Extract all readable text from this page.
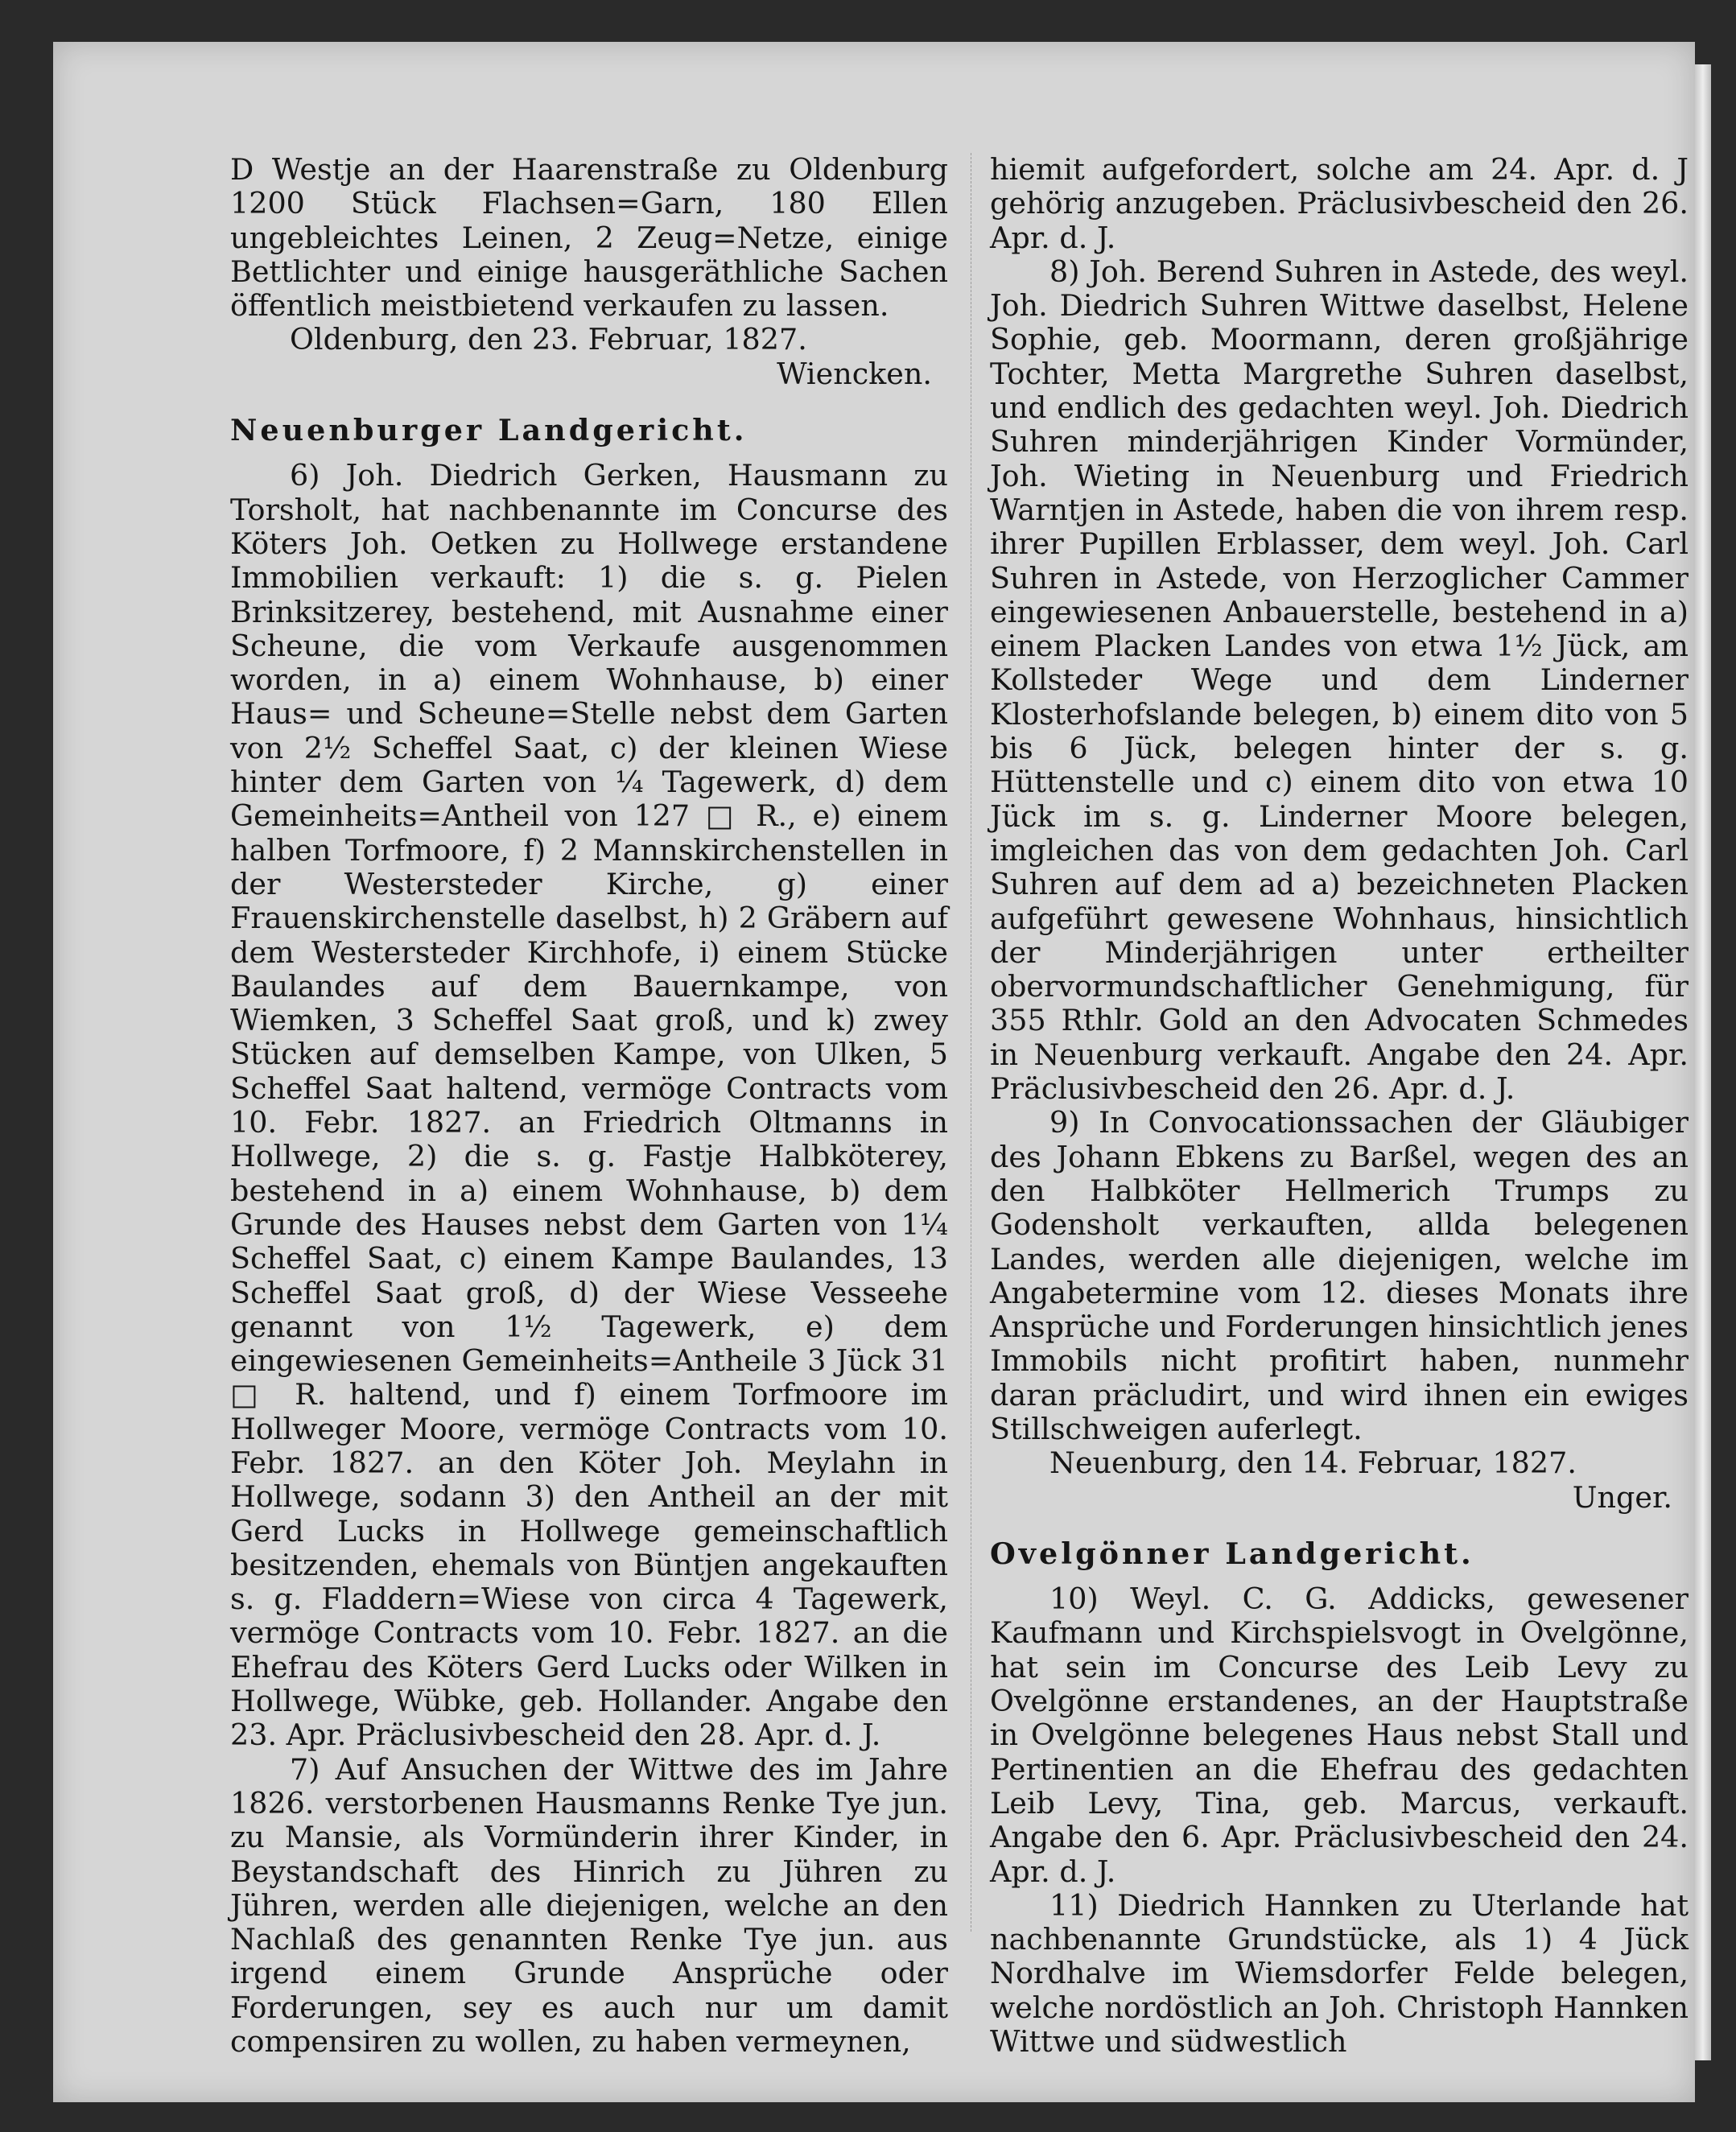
D Westje an der Haarenstraße zu Oldenburg 1200 Stück Flachsen=Garn, 180 Ellen ungebleichtes Leinen, 2 Zeug=Netze, einige Bettlichter und einige hausgeräthliche Sachen öffentlich meistbietend verkaufen zu lassen.

Oldenburg, den 23. Februar, 1827.

Wiencken.

Neuenburger Landgericht.

6) Joh. Diedrich Gerken, Hausmann zu Torsholt, hat nachbenannte im Concurse des Köters Joh. Oetken zu Hollwege erstandene Immobilien verkauft: 1) die s. g. Pielen Brinksitzerey, bestehend, mit Ausnahme einer Scheune, die vom Verkaufe ausgenommen worden, in a) einem Wohnhause, b) einer Haus= und Scheune=Stelle nebst dem Garten von 2½ Scheffel Saat, c) der kleinen Wiese hinter dem Garten von ¼ Tagewerk, d) dem Gemeinheits=Antheil von 127 □ R., e) einem halben Torfmoore, f) 2 Mannskirchenstellen in der Westersteder Kirche, g) einer Frauenskirchenstelle daselbst, h) 2 Gräbern auf dem Westersteder Kirchhofe, i) einem Stücke Baulandes auf dem Bauernkampe, von Wiemken, 3 Scheffel Saat groß, und k) zwey Stücken auf demselben Kampe, von Ulken, 5 Scheffel Saat haltend, vermöge Contracts vom 10. Febr. 1827. an Friedrich Oltmanns in Hollwege, 2) die s. g. Fastje Halbköterey, bestehend in a) einem Wohnhause, b) dem Grunde des Hauses nebst dem Garten von 1¼ Scheffel Saat, c) einem Kampe Baulandes, 13 Scheffel Saat groß, d) der Wiese Vesseehe genannt von 1½ Tagewerk, e) dem eingewiesenen Gemeinheits=Antheile 3 Jück 31 □ R. haltend, und f) einem Torfmoore im Hollweger Moore, vermöge Contracts vom 10. Febr. 1827. an den Köter Joh. Meylahn in Hollwege, sodann 3) den Antheil an der mit Gerd Lucks in Hollwege gemeinschaftlich besitzenden, ehemals von Büntjen angekauften s. g. Fladdern=Wiese von circa 4 Tagewerk, vermöge Contracts vom 10. Febr. 1827. an die Ehefrau des Köters Gerd Lucks oder Wilken in Hollwege, Wübke, geb. Hollander. Angabe den 23. Apr. Präclusivbescheid den 28. Apr. d. J.

7) Auf Ansuchen der Wittwe des im Jahre 1826. verstorbenen Hausmanns Renke Tye jun. zu Mansie, als Vormünderin ihrer Kinder, in Beystandschaft des Hinrich zu Jühren zu Jühren, werden alle diejenigen, welche an den Nachlaß des genannten Renke Tye jun. aus irgend einem Grunde Ansprüche oder Forderungen, sey es auch nur um damit compensiren zu wollen, zu haben vermeynen,

hiemit aufgefordert, solche am 24. Apr. d. J gehörig anzugeben. Präclusivbescheid den 26. Apr. d. J.

8) Joh. Berend Suhren in Astede, des weyl. Joh. Diedrich Suhren Wittwe daselbst, Helene Sophie, geb. Moormann, deren großjährige Tochter, Metta Margrethe Suhren daselbst, und endlich des gedachten weyl. Joh. Diedrich Suhren minderjährigen Kinder Vormünder, Joh. Wieting in Neuenburg und Friedrich Warntjen in Astede, haben die von ihrem resp. ihrer Pupillen Erblasser, dem weyl. Joh. Carl Suhren in Astede, von Herzoglicher Cammer eingewiesenen Anbauerstelle, bestehend in a) einem Placken Landes von etwa 1½ Jück, am Kollsteder Wege und dem Linderner Klosterhofslande belegen, b) einem dito von 5 bis 6 Jück, belegen hinter der s. g. Hüttenstelle und c) einem dito von etwa 10 Jück im s. g. Linderner Moore belegen, imgleichen das von dem gedachten Joh. Carl Suhren auf dem ad a) bezeichneten Placken aufgeführt gewesene Wohnhaus, hinsichtlich der Minderjährigen unter ertheilter obervormundschaftlicher Genehmigung, für 355 Rthlr. Gold an den Advocaten Schmedes in Neuenburg verkauft. Angabe den 24. Apr. Präclusivbescheid den 26. Apr. d. J.

9) In Convocationssachen der Gläubiger des Johann Ebkens zu Barßel, wegen des an den Halbköter Hellmerich Trumps zu Godensholt verkauften, allda belegenen Landes, werden alle diejenigen, welche im Angabetermine vom 12. dieses Monats ihre Ansprüche und Forderungen hinsichtlich jenes Immobils nicht profitirt haben, nunmehr daran präcludirt, und wird ihnen ein ewiges Stillschweigen auferlegt.

Neuenburg, den 14. Februar, 1827.

Unger.

Ovelgönner Landgericht.

10) Weyl. C. G. Addicks, gewesener Kaufmann und Kirchspielsvogt in Ovelgönne, hat sein im Concurse des Leib Levy zu Ovelgönne erstandenes, an der Hauptstraße in Ovelgönne belegenes Haus nebst Stall und Pertinentien an die Ehefrau des gedachten Leib Levy, Tina, geb. Marcus, verkauft. Angabe den 6. Apr. Präclusivbescheid den 24. Apr. d. J.

11) Diedrich Hannken zu Uterlande hat nachbenannte Grundstücke, als 1) 4 Jück Nordhalve im Wiemsdorfer Felde belegen, welche nordöstlich an Joh. Christoph Hannken Wittwe und südwestlich
